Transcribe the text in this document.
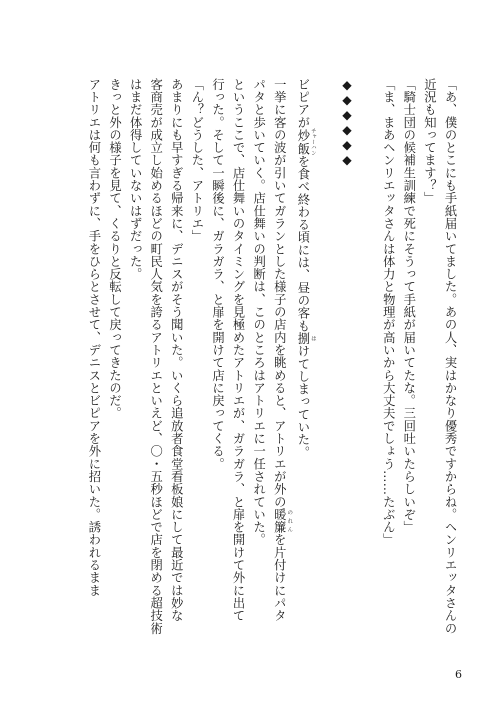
「あ、僕のとこにも手紙届いてました。あの人、実はかなり優秀ですからね。ヘンリエッタさんの
近況も知ってます？」
「騎士団の候補生訓練で死にそうって手紙が届いてたな。三回吐いたらしいぞ」
「ま、まあヘンリエッタさんは体力と物理が高いから大丈夫でしょう……たぶん」
◆◆◆◆◆◆
ビピアが炒飯 チャーハンを食べ終わる頃には、昼の客も捌 はけてしまっていた。
一挙に客の波が引いてガランとした様子の店内を眺めると、アトリエが外の暖簾 のれんを片付けにパタ
パタと歩いていく。店仕舞いの判断は、このところはアトリエに一任されていた。
というここで、店仕舞いのタイミングを見極めたアトリエが、ガラガラ、と扉を開けて外に出て
行った。そして一瞬後に、ガラガラ、と扉を開けて店に戻ってくる。
「ん？どうした、アトリエ」
あまりにも早すぎる帰来に、デニスがそう聞いた。いくら追放者食堂看板娘にして最近では妙な
客商売が成立し始めるほどの町民人気を誇るアトリエといえど、〇・五秒ほどで店を閉める超技術
はまだ体得していないはずだった。
きっと外の様子を見て、くるりと反転して戻ってきたのだ。
アトリエは何も言わずに、手をひらとさせて、デニスとビピアを外に招いた。誘われるまま
6
